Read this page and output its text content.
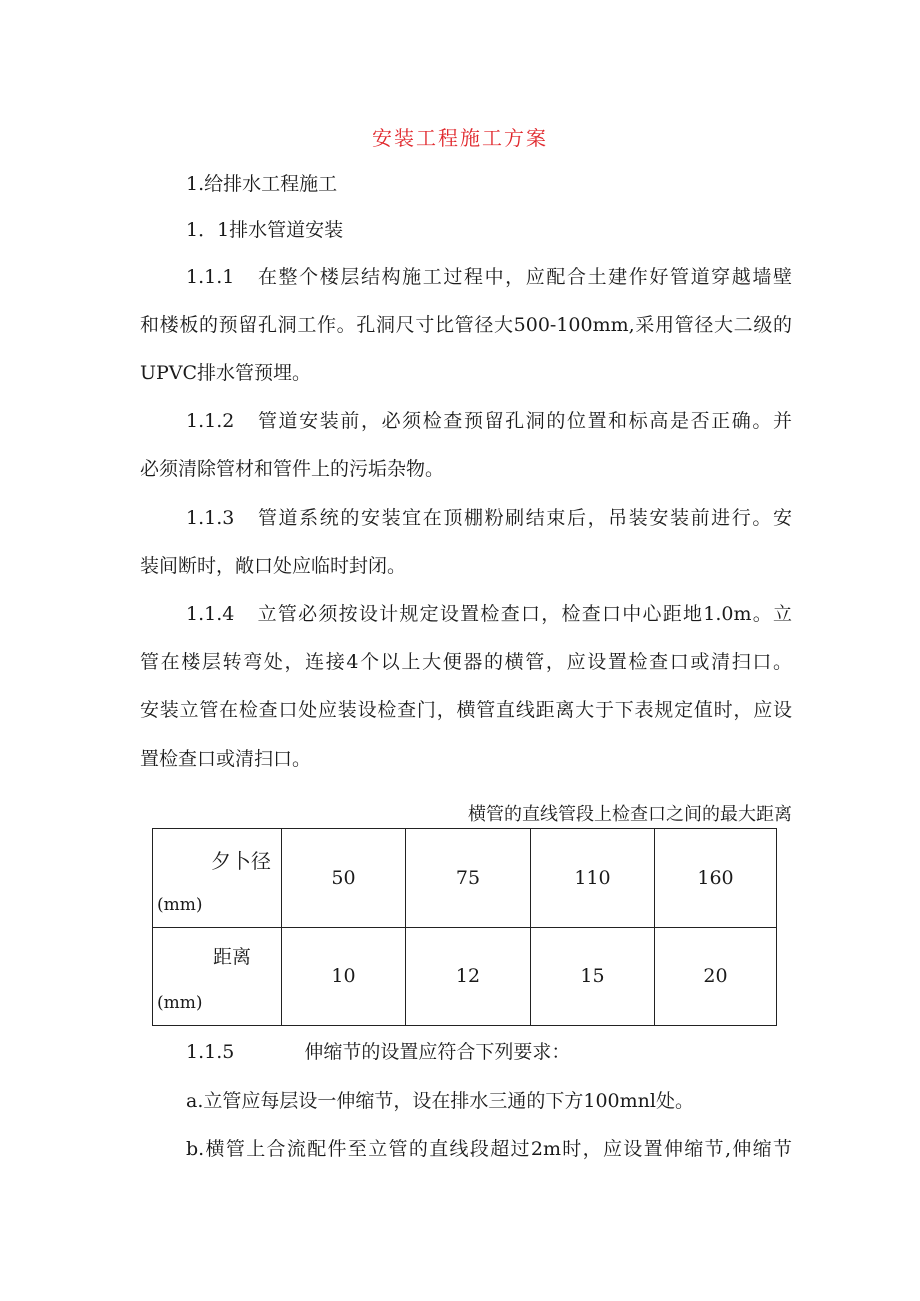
安装工程施工方案
1.给排水工程施工
1．1排水管道安装
1.1.1 在整个楼层结构施工过程中，应配合土建作好管道穿越墙壁
和楼板的预留孔洞工作。孔洞尺寸比管径大500-100mm,采用管径大二级的
UPVC排水管预埋。
1.1.2 管道安装前，必须检查预留孔洞的位置和标高是否正确。并
必须清除管材和管件上的污垢杂物。
1.1.3 管道系统的安装宜在顶棚粉刷结束后，吊装安装前进行。安
装间断时，敞口处应临时封闭。
1.1.4 立管必须按设计规定设置检查口，检查口中心距地1.0m。立
管在楼层转弯处，连接4个以上大便器的横管，应设置检查口或清扫口。
安装立管在检查口处应装设检查门，横管直线距离大于下表规定值时，应设
置检查口或清扫口。
横管的直线管段上检查口之间的最大距离
夕卜径
(mm)	50	75	110	160

距离
(mm)	10	12	15	20
1.1.5	伸缩节的设置应符合下列要求：
a.立管应每层设一伸缩节，设在排水三通的下方100mnl处。
b.横管上合流配件至立管的直线段超过2m时，应设置伸缩节,伸缩节
